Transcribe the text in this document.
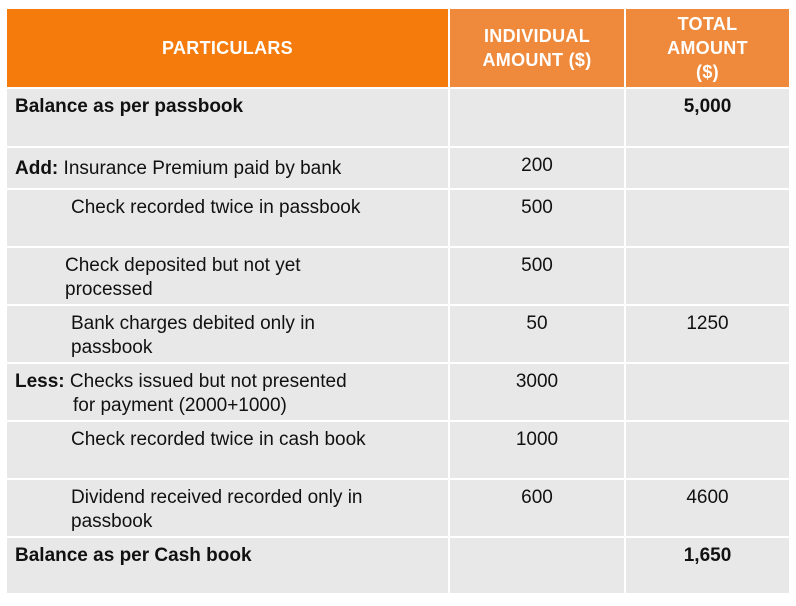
PARTICULARS	INDIVIDUAL AMOUNT ($)	TOTAL AMOUNT ($)

Balance as per passbook		5,000
Add: Insurance Premium paid by bank	200	
Check recorded twice in passbook	500	
Check deposited but not yet processed	500	
Bank charges debited only in passbook	50	1250
Less: Checks issued but not presented
for payment (2000+1000)	3000	
Check recorded twice in cash book	1000	
Dividend received recorded only in passbook	600	4600
Balance as per Cash book		1,650
